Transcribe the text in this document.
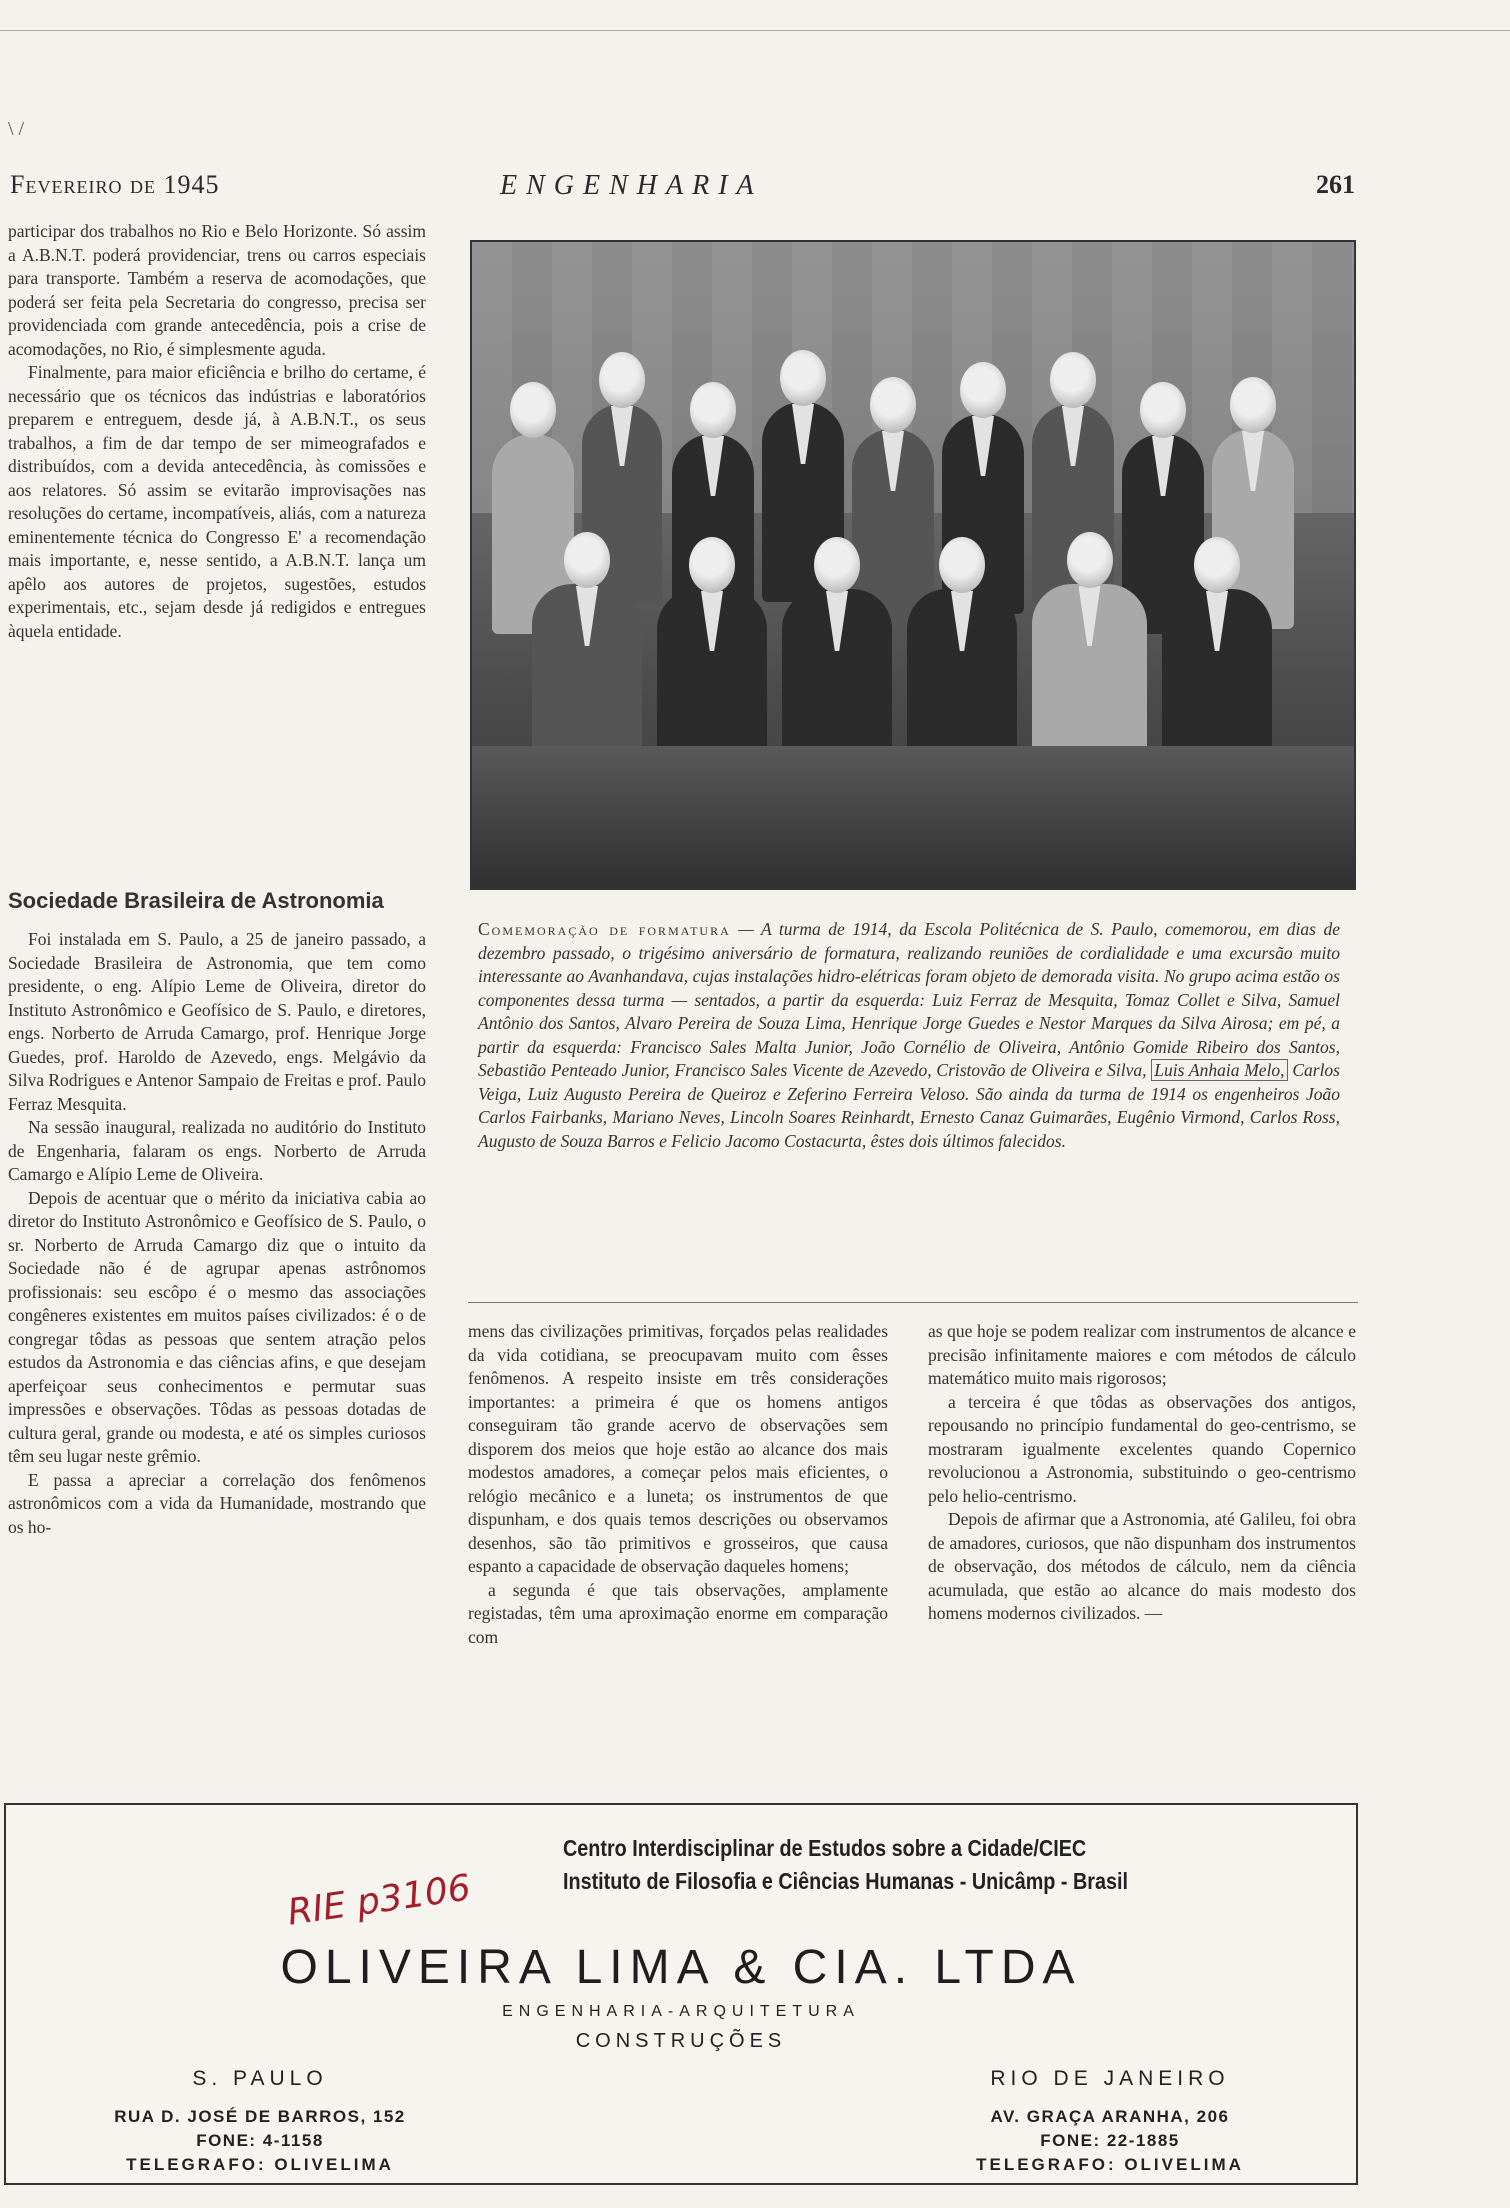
\ /
Fevereiro de 1945	ENGENHARIA	261

participar dos trabalhos no Rio e Belo Horizonte. Só assim a A.B.N.T. poderá providenciar, trens ou carros especiais para transporte. Também a reserva de acomodações, que poderá ser feita pela Secretaria do congresso, precisa ser providenciada com grande antecedência, pois a crise de acomodações, no Rio, é simplesmente aguda.

Finalmente, para maior eficiência e brilho do certame, é necessário que os técnicos das indústrias e laboratórios preparem e entreguem, desde já, à A.B.N.T., os seus trabalhos, a fim de dar tempo de ser mimeografados e distribuídos, com a devida antecedência, às comissões e aos relatores. Só assim se evitarão improvisações nas resoluções do certame, incompatíveis, aliás, com a natureza eminentemente técnica do Congresso E' a recomendação mais importante, e, nesse sentido, a A.B.N.T. lança um apêlo aos autores de projetos, sugestões, estudos experimentais, etc., sejam desde já redigidos e entregues àquela entidade.

Sociedade Brasileira de Astronomia

Foi instalada em S. Paulo, a 25 de janeiro passado, a Sociedade Brasileira de Astronomia, que tem como presidente, o eng. Alípio Leme de Oliveira, diretor do Instituto Astronômico e Geofísico de S. Paulo, e diretores, engs. Norberto de Arruda Camargo, prof. Henrique Jorge Guedes, prof. Haroldo de Azevedo, engs. Melgávio da Silva Rodrigues e Antenor Sampaio de Freitas e prof. Paulo Ferraz Mesquita.

Na sessão inaugural, realizada no auditório do Instituto de Engenharia, falaram os engs. Norberto de Arruda Camargo e Alípio Leme de Oliveira.

Depois de acentuar que o mérito da iniciativa cabia ao diretor do Instituto Astronômico e Geofísico de S. Paulo, o sr. Norberto de Arruda Camargo diz que o intuito da Sociedade não é de agrupar apenas astrônomos profissionais: seu escôpo é o mesmo das associações congêneres existentes em muitos países civilizados: é o de congregar tôdas as pessoas que sentem atração pelos estudos da Astronomia e das ciências afins, e que desejam aperfeiçoar seus conhecimentos e permutar suas impressões e observações. Tôdas as pessoas dotadas de cultura geral, grande ou modesta, e até os simples curiosos têm seu lugar neste grêmio.

E passa a apreciar a correlação dos fenômenos astronômicos com a vida da Humanidade, mostrando que os ho-

Comemoração de formatura — A turma de 1914, da Escola Politécnica de S. Paulo, comemorou, em dias de dezembro passado, o trigésimo aniversário de formatura, realizando reuniões de cordialidade e uma excursão muito interessante ao Avanhandava, cujas instalações hidro-elétricas foram objeto de demorada visita. No grupo acima estão os componentes dessa turma — sentados, a partir da esquerda: Luiz Ferraz de Mesquita, Tomaz Collet e Silva, Samuel Antônio dos Santos, Alvaro Pereira de Souza Lima, Henrique Jorge Guedes e Nestor Marques da Silva Airosa; em pé, a partir da esquerda: Francisco Sales Malta Junior, João Cornélio de Oliveira, Antônio Gomide Ribeiro dos Santos, Sebastião Penteado Junior, Francisco Sales Vicente de Azevedo, Cristovão de Oliveira e Silva, Luis Anhaia Melo, Carlos Veiga, Luiz Augusto Pereira de Queiroz e Zeferino Ferreira Veloso. São ainda da turma de 1914 os engenheiros João Carlos Fairbanks, Mariano Neves, Lincoln Soares Reinhardt, Ernesto Canaz Guimarães, Eugênio Virmond, Carlos Ross, Augusto de Souza Barros e Felicio Jacomo Costacurta, êstes dois últimos falecidos.

mens das civilizações primitivas, forçados pelas realidades da vida cotidiana, se preocupavam muito com êsses fenômenos. A respeito insiste em três considerações importantes: a primeira é que os homens antigos conseguiram tão grande acervo de observações sem disporem dos meios que hoje estão ao alcance dos mais modestos amadores, a começar pelos mais eficientes, o relógio mecânico e a luneta; os instrumentos de que dispunham, e dos quais temos descrições ou observamos desenhos, são tão primitivos e grosseiros, que causa espanto a capacidade de observação daqueles homens;

a segunda é que tais observações, amplamente registadas, têm uma aproximação enorme em comparação com

as que hoje se podem realizar com instrumentos de alcance e precisão infinitamente maiores e com métodos de cálculo matemático muito mais rigorosos;

a terceira é que tôdas as observações dos antigos, repousando no princípio fundamental do geo-centrismo, se mostraram igualmente excelentes quando Copernico revolucionou a Astronomia, substituindo o geo-centrismo pelo helio-centrismo.

Depois de afirmar que a Astronomia, até Galileu, foi obra de amadores, curiosos, que não dispunham dos instrumentos de observação, dos métodos de cálculo, nem da ciência acumulada, que estão ao alcance do mais modesto dos homens modernos civilizados. —

Centro Interdisciplinar de Estudos sobre a Cidade/CIEC
Instituto de Filosofia e Ciências Humanas - Unicâmp - Brasil
RIE p3106
OLIVEIRA LIMA & CIA. LTDA
ENGENHARIA-ARQUITETURA
CONSTRUÇÕES
S. PAULO
RUA D. JOSÉ DE BARROS, 152
FONE: 4-1158
TELEGRAFO: OLIVELIMA
RIO DE JANEIRO
AV. GRAÇA ARANHA, 206
FONE: 22-1885
TELEGRAFO: OLIVELIMA
